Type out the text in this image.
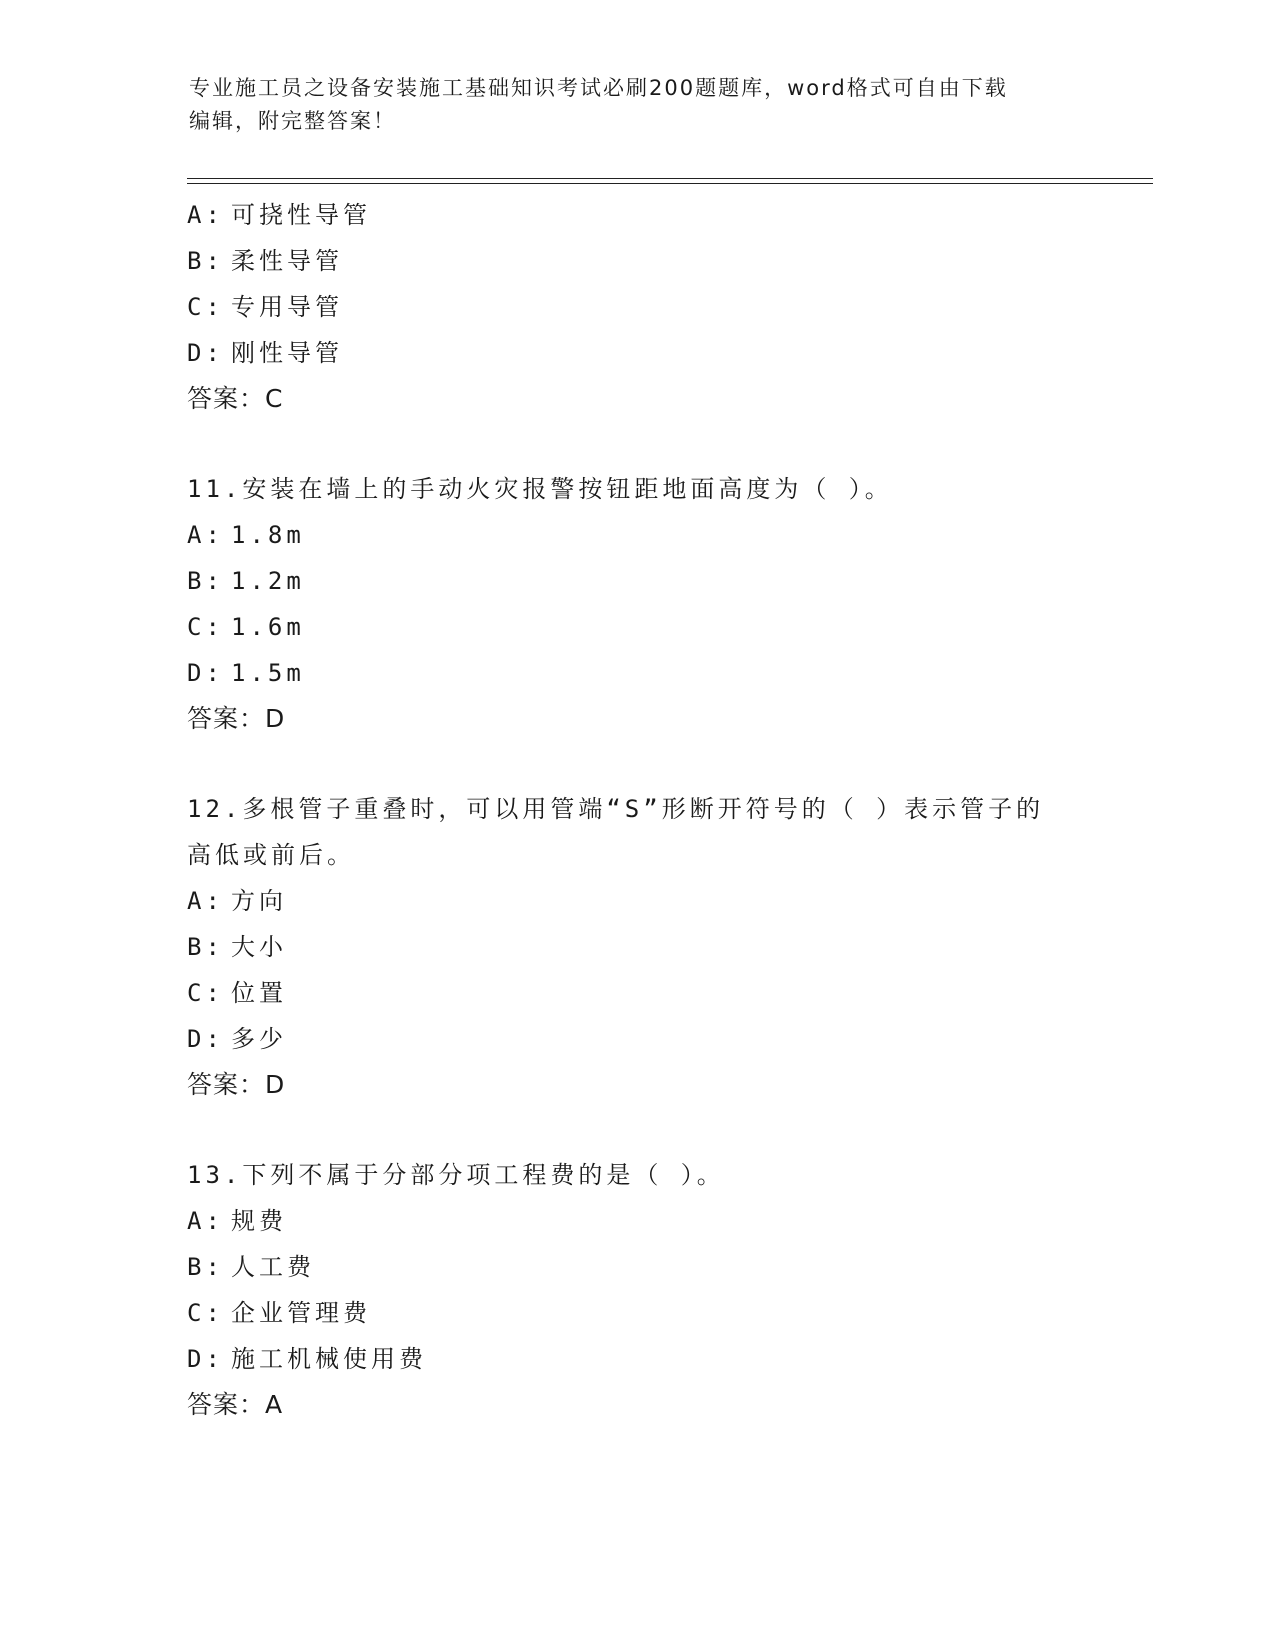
专业施工员之设备安装施工基础知识考试必刷200题题库，word格式可自由下载
编辑，附完整答案！
A: 可挠性导管
B: 柔性导管
C: 专用导管
D: 刚性导管
答案：C
11.安装在墙上的手动火灾报警按钮距地面高度为（ ）。
A: 1.8m
B: 1.2m
C: 1.6m
D: 1.5m
答案：D
12.多根管子重叠时，可以用管端“S”形断开符号的（ ）表示管子的
高低或前后。
A: 方向
B: 大小
C: 位置
D: 多少
答案：D
13.下列不属于分部分项工程费的是（ ）。
A: 规费
B: 人工费
C: 企业管理费
D: 施工机械使用费
答案：A
